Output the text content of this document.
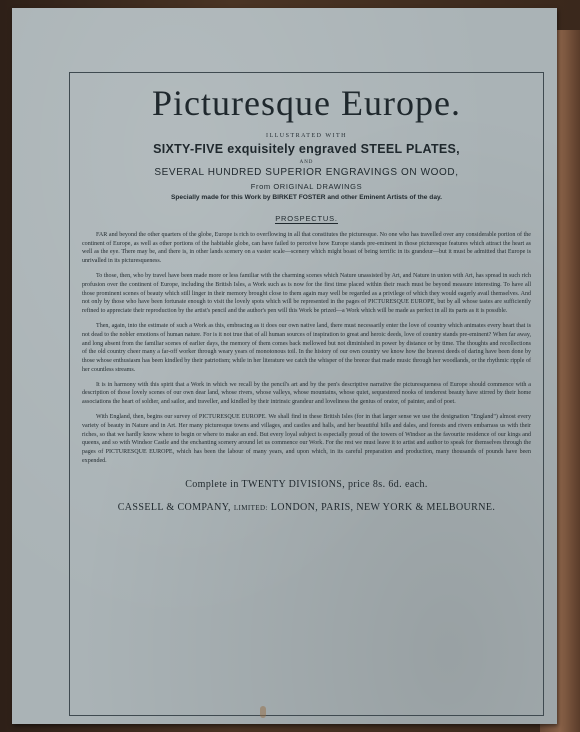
Picturesque Europe.
ILLUSTRATED WITH
SIXTY-FIVE exquisitely engraved STEEL PLATES,
AND
SEVERAL HUNDRED SUPERIOR ENGRAVINGS ON WOOD,
From ORIGINAL DRAWINGS
Specially made for this Work by BIRKET FOSTER and other Eminent Artists of the day.
PROSPECTUS.

FAR and beyond the other quarters of the globe, Europe is rich to overflowing in all that constitutes the picturesque. No one who has travelled over any considerable portion of the continent of Europe, as well as other portions of the habitable globe, can have failed to perceive how Europe stands pre-eminent in those picturesque features which attract the heart as well as the eye. There may be, and there is, in other lands scenery on a vaster scale—scenery which might boast of being terrific in its grandeur—but it must be admitted that Europe is unrivalled in its picturesqueness.

To those, then, who by travel have been made more or less familiar with the charming scenes which Nature unassisted by Art, and Nature in union with Art, has spread in such rich profusion over the continent of Europe, including the British Isles, a Work such as is now for the first time placed within their reach must be beyond measure interesting. To have all those prominent scenes of beauty which still linger in their memory brought close to them again may well be regarded as a privilege of which they would eagerly avail themselves. And not only by those who have been fortunate enough to visit the lovely spots which will be represented in the pages of PICTURESQUE EUROPE, but by all whose tastes are sufficiently refined to appreciate their reproduction by the artist's pencil and the author's pen will this Work be prized—a Work which will be made as perfect in all its parts as it is possible.

Then, again, into the estimate of such a Work as this, embracing as it does our own native land, there must necessarily enter the love of country which animates every heart that is not dead to the nobler emotions of human nature. For is it not true that of all human sources of inspiration to great and heroic deeds, love of country stands pre-eminent? When far away, and long absent from the familiar scenes of earlier days, the memory of them comes back mellowed but not diminished in power by distance or by time. The thoughts and recollections of the old country cheer many a far-off worker through weary years of monotonous toil. In the history of our own country we know how the bravest deeds of daring have been done by those whose enthusiasm has been kindled by their patriotism; while in her literature we catch the whisper of the breeze that made music through her woodlands, or the rhythmic ripple of her countless streams.

It is in harmony with this spirit that a Work in which we recall by the pencil's art and by the pen's descriptive narrative the picturesqueness of Europe should commence with a description of those lovely scenes of our own dear land, whose rivers, whose valleys, whose mountains, whose quiet, sequestered nooks of tenderest beauty have stirred by their home associations the heart of soldier, and sailor, and traveller, and kindled by their intrinsic grandeur and loveliness the genius of orator, of painter, and of poet.

With England, then, begins our survey of PICTURESQUE EUROPE. We shall find in these British Isles (for in that larger sense we use the designation "England") almost every variety of beauty in Nature and in Art. Her many picturesque towns and villages, and castles and halls, and her beautiful hills and dales, and forests and rivers embarrass us with their riches, so that we hardly know where to begin or where to make an end. But every loyal subject is especially proud of the towers of Windsor as the favourite residence of our kings and queens, and so with Windsor Castle and the enchanting scenery around let us commence our Work. For the rest we must leave it to artist and author to speak for themselves through the pages of PICTURESQUE EUROPE, which has been the labour of many years, and upon which, in its careful preparation and production, many thousands of pounds have been expended.

Complete in TWENTY DIVISIONS, price 8s. 6d. each.
CASSELL & COMPANY, LIMITED: LONDON, PARIS, NEW YORK & MELBOURNE.
